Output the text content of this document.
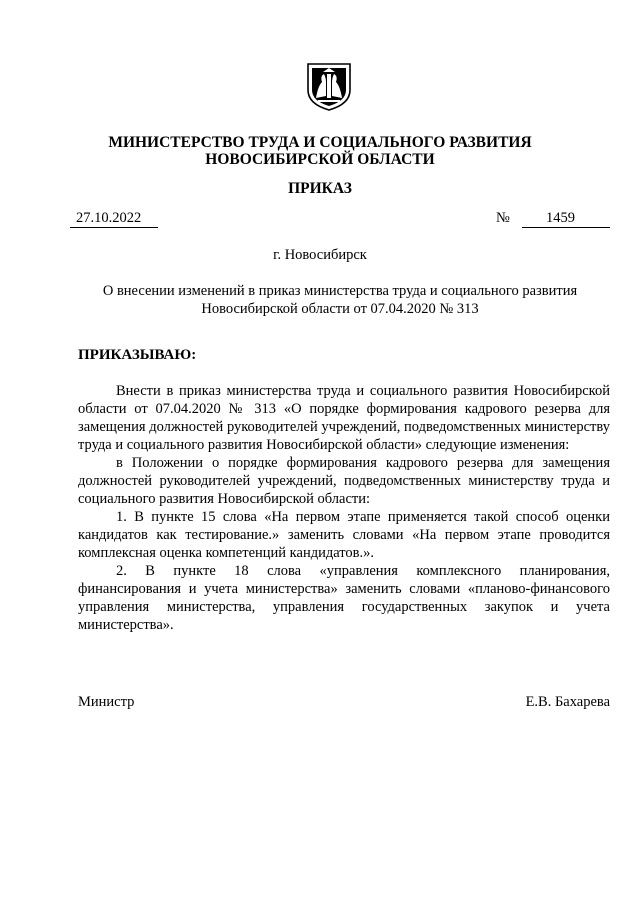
МИНИСТЕРСТВО ТРУДА И СОЦИАЛЬНОГО РАЗВИТИЯ
НОВОСИБИРСКОЙ ОБЛАСТИ
ПРИКАЗ
27.10.2022	№	1459
г. Новосибирск
О внесении изменений в приказ министерства труда и социального развития
Новосибирской области от 07.04.2020 № 313
ПРИКАЗЫВАЮ:

Внести в приказ министерства труда и социального развития Новосибирской области от 07.04.2020 № 313 «О порядке формирования кадрового резерва для замещения должностей руководителей учреждений, подведомственных министерству труда и социального развития Новосибирской области» следующие изменения:

в Положении о порядке формирования кадрового резерва для замещения должностей руководителей учреждений, подведомственных министерству труда и социального развития Новосибирской области:

1. В пункте 15 слова «На первом этапе применяется такой способ оценки кандидатов как тестирование.» заменить словами «На первом этапе проводится комплексная оценка компетенций кандидатов.».

2. В пункте 18 слова «управления комплексного планирования, финансирования и учета министерства» заменить словами «планово-финансового управления министерства, управления государственных закупок и учета министерства».

Министр	Е.В. Бахарева
